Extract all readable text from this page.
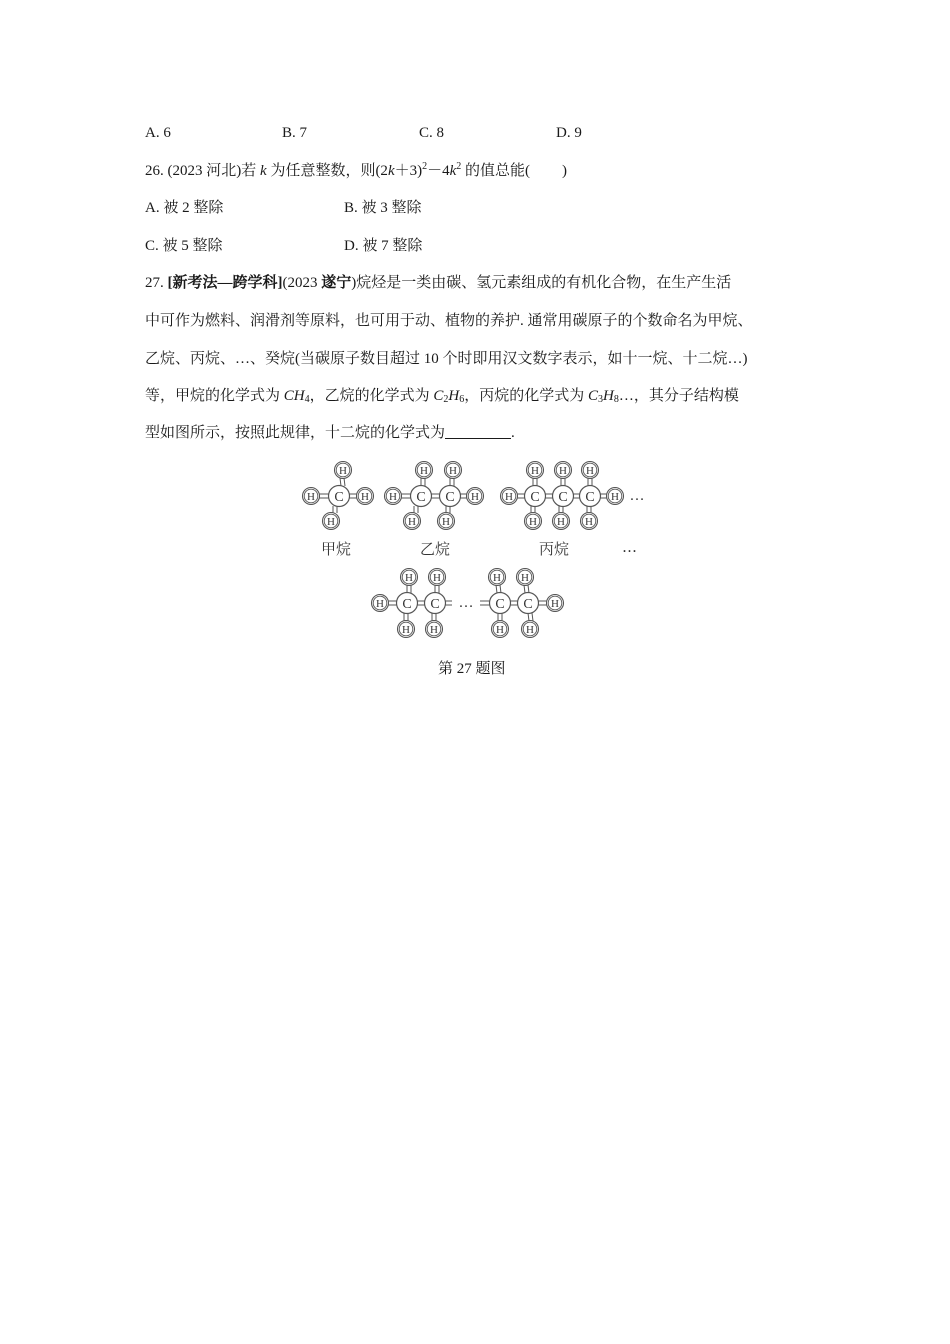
A. 6	B. 7	C. 8	D. 9
26. (2023 河北)若 k 为任意整数，则$(2k+3)^2-4k^2$ 的值总能( )
A. 被 2 整除	B. 被 3 整除
C. 被 5 整除	D. 被 7 整除
27. [新考法—跨学科](2023 遂宁)烷烃是一类由碳、氢元素组成的有机化合物，在生产生活
中可作为燃料、润滑剂等原料，也可用于动、植物的养护. 通常用碳原子的个数命名为甲烷、
乙烷、丙烷、…、癸烷(当碳原子数目超过 10 个时即用汉文数字表示，如十一烷、十二烷…)
等，甲烷的化学式为 $CH_4$，乙烷的化学式为 $C_2H_6$，丙烷的化学式为 $C_3H_8\dots$，其分子结构模
型如图所示，按照此规律，十二烷的化学式为	.
H C H
H
H
H C C H
H H
H H
H C C C H
H H H
H H H
…
H C C … C C H
H H	H H
H H	H H
甲烷	乙烷	丙烷	…
第 27 题图
